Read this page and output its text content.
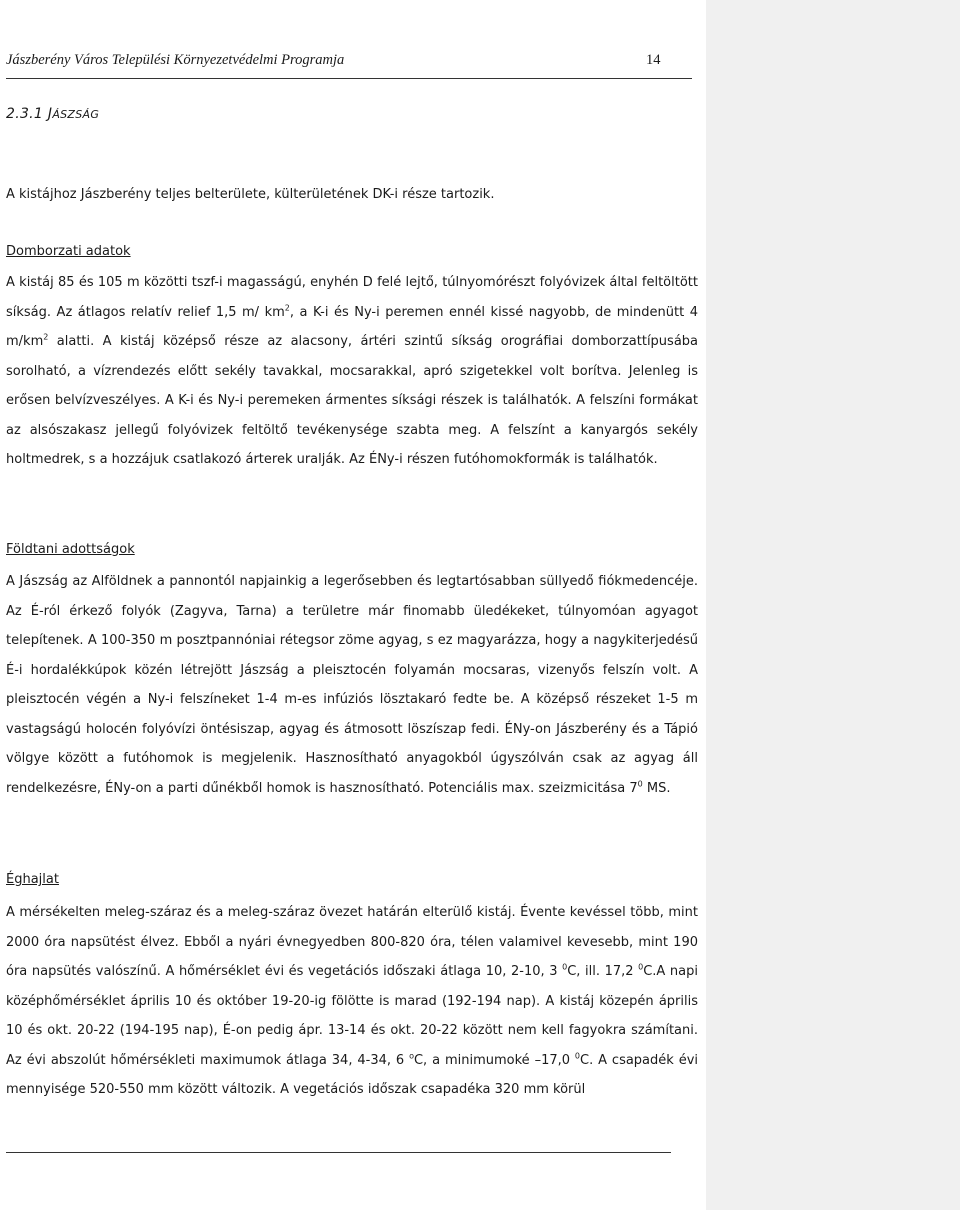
Jászberény Város Települési Környezetvédelmi Programja	14
2.3.1 JÁSZSÁG

A kistájhoz Jászberény teljes belterülete, külterületének DK-i része tartozik.

Domborzati adatok

A kistáj 85 és 105 m közötti tszf-i magasságú, enyhén D felé lejtő, túlnyomórészt folyóvizek által feltöltött síkság. Az átlagos relatív relief 1,5 m/ $km^2$, a K-i és Ny-i peremen ennél kissé nagyobb, de mindenütt 4 $m/km^2$ alatti. A kistáj középső része az alacsony, ártéri szintű síkság orográfiai domborzattípusába sorolható, a vízrendezés előtt sekély tavakkal, mocsarakkal, apró szigetekkel volt borítva. Jelenleg is erősen belvízveszélyes. A K-i és Ny-i peremeken ármentes síksági részek is találhatók. A felszíni formákat az alsószakasz jellegű folyóvizek feltöltő tevékenysége szabta meg. A felszínt a kanyargós sekély holtmedrek, s a hozzájuk csatlakozó árterek uralják. Az ÉNy-i részen futóhomokformák is találhatók.

Földtani adottságok

A Jászság az Alföldnek a pannontól napjainkig a legerősebben és legtartósabban süllyedő fiókmedencéje. Az É-ról érkező folyók (Zagyva, Tarna) a területre már finomabb üledékeket, túlnyomóan agyagot telepítenek. A 100-350 m posztpannóniai rétegsor zöme agyag, s ez magyarázza, hogy a nagykiterjedésű É-i hordalékkúpok közén létrejött Jászság a pleisztocén folyamán mocsaras, vizenyős felszín volt. A pleisztocén végén a Ny-i felszíneket 1-4 m-es infúziós lösztakaró fedte be. A középső részeket 1-5 m vastagságú holocén folyóvízi öntésiszap, agyag és átmosott löszíszap fedi. ÉNy-on Jászberény és a Tápió völgye között a futóhomok is megjelenik. Hasznosítható anyagokból úgyszólván csak az agyag áll rendelkezésre, ÉNy-on a parti dűnékből homok is hasznosítható. Potenciális max. szeizmicitása $7^0$ MS.

Éghajlat

A mérsékelten meleg-száraz és a meleg-száraz övezet határán elterülő kistáj. Évente kevéssel több, mint 2000 óra napsütést élvez. Ebből a nyári évnegyedben 800-820 óra, télen valamivel kevesebb, mint 190 óra napsütés valószínű. A hőmérséklet évi és vegetációs időszaki átlaga 10, 2-10, 3 $^0$C, ill. 17,2 $^0$C.A napi középhőmérséklet április 10 és október 19-20-ig fölötte is marad (192-194 nap). A kistáj közepén április 10 és okt. 20-22 (194-195 nap), É-on pedig ápr. 13-14 és okt. 20-22 között nem kell fagyokra számítani. Az évi abszolút hőmérsékleti maximumok átlaga 34, 4-34, 6 $^o$C, a minimumoké –17,0 $^0$C. A csapadék évi mennyisége 520-550 mm között változik. A vegetációs időszak csapadéka 320 mm körül
